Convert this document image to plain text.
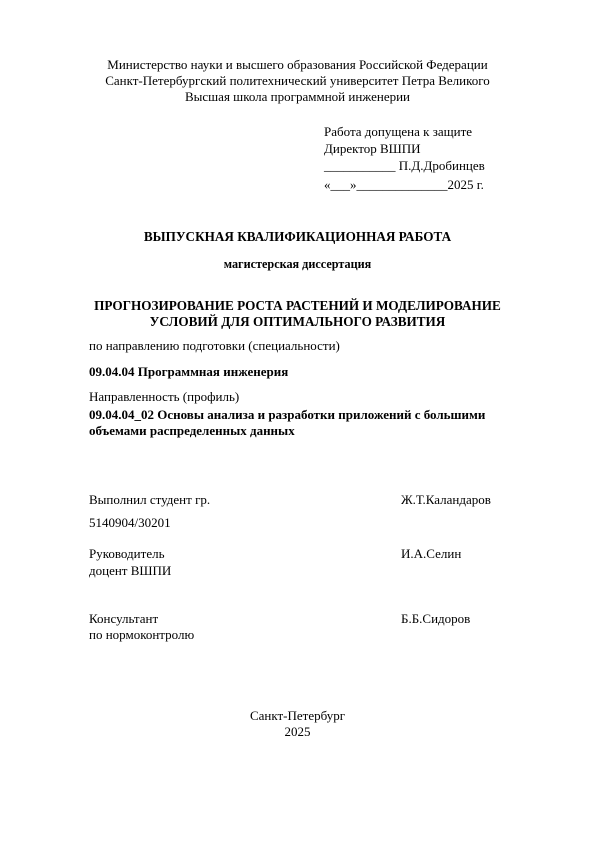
Министерство науки и высшего образования Российской Федерации
Санкт-Петербургский политехнический университет Петра Великого
Высшая школа программной инженерии
Работа допущена к защите
Директор ВШПИ
___________ П.Д.Дробинцев
«___»______________2025 г.
ВЫПУСКНАЯ КВАЛИФИКАЦИОННАЯ РАБОТА
магистерская диссертация
ПРОГНОЗИРОВАНИЕ РОСТА РАСТЕНИЙ И МОДЕЛИРОВАНИЕ
УСЛОВИЙ ДЛЯ ОПТИМАЛЬНОГО РАЗВИТИЯ
по направлению подготовки (специальности)
09.04.04 Программная инженерия
Направленность (профиль)
09.04.04_02 Основы анализа и разработки приложений с большими
объемами распределенных данных
Выполнил студент гр.	Ж.Т.Каландаров
5140904/30201
Руководитель	И.А.Селин
доцент ВШПИ
Консультант	Б.Б.Сидоров
по нормоконтролю
Санкт-Петербург
2025
